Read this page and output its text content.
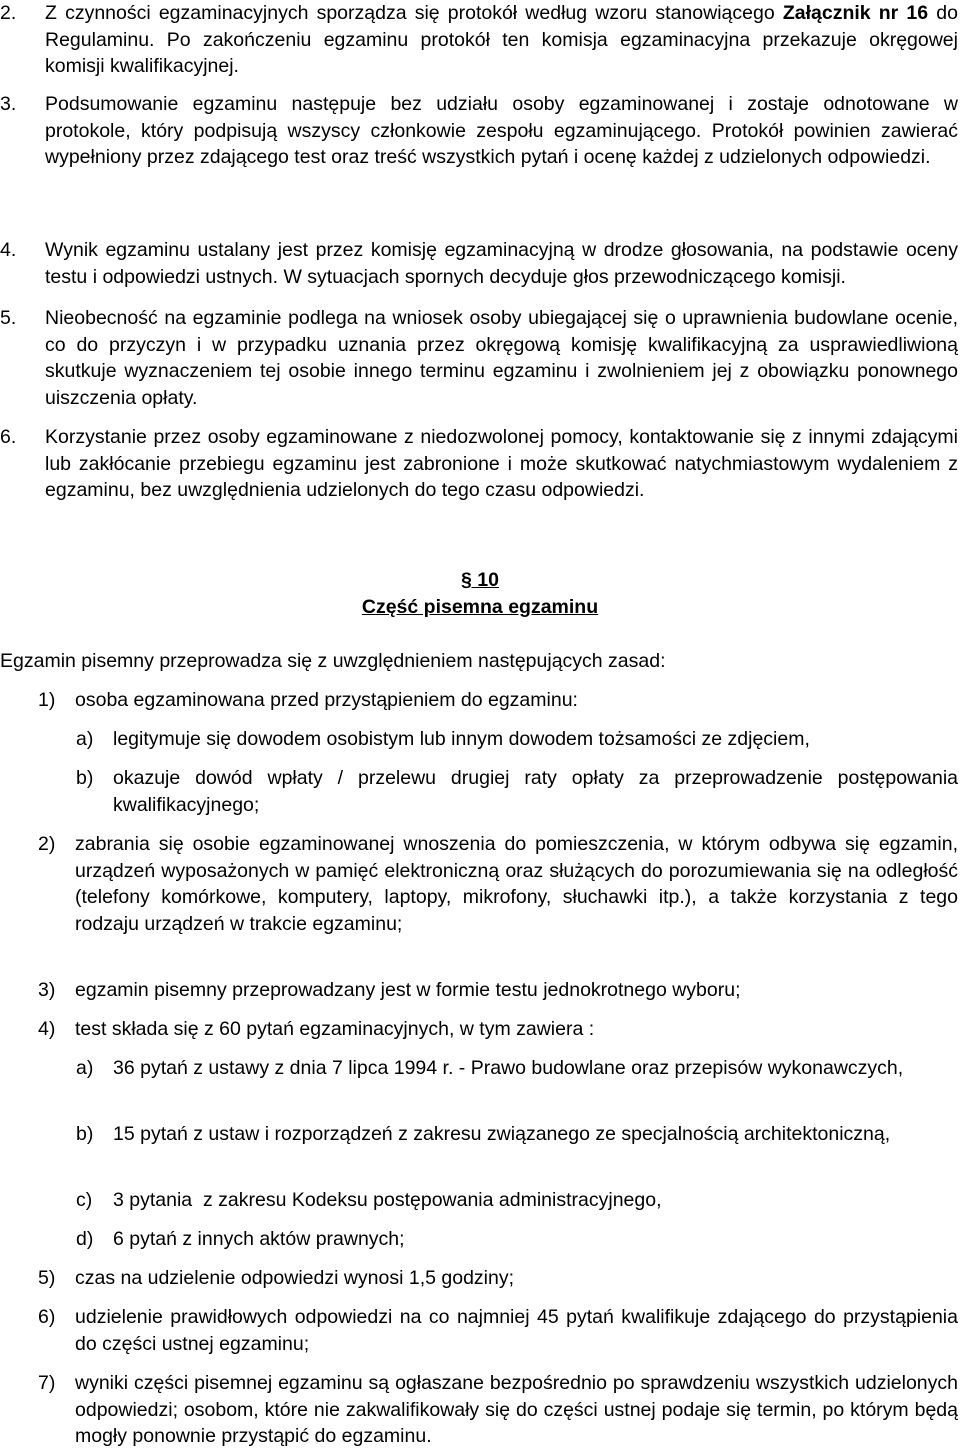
2.	Z czynności egzaminacyjnych sporządza się protokół według wzoru stanowiącego Załącznik nr 16 do Regulaminu. Po zakończeniu egzaminu protokół ten komisja egzaminacyjna przekazuje okręgowej komisji kwalifikacyjnej.
3.	Podsumowanie egzaminu następuje bez udziału osoby egzaminowanej i zostaje odnotowane w protokole, który podpisują wszyscy członkowie zespołu egzaminującego. Protokół powinien zawierać wypełniony przez zdającego test oraz treść wszystkich pytań i ocenę każdej z udzielonych odpowiedzi.
4.	Wynik egzaminu ustalany jest przez komisję egzaminacyjną w drodze głosowania, na podstawie oceny testu i odpowiedzi ustnych. W sytuacjach spornych decyduje głos przewodniczącego komisji.
5.	Nieobecność na egzaminie podlega na wniosek osoby ubiegającej się o uprawnienia budowlane ocenie, co do przyczyn i w przypadku uznania przez okręgową komisję kwalifikacyjną za usprawiedliwioną skutkuje wyznaczeniem tej osobie innego terminu egzaminu i zwolnieniem jej z obowiązku ponownego uiszczenia opłaty.
6.	Korzystanie przez osoby egzaminowane z niedozwolonej pomocy, kontaktowanie się z innymi zdającymi lub zakłócanie przebiegu egzaminu jest zabronione i może skutkować natychmiastowym wydaleniem z egzaminu, bez uwzględnienia udzielonych do tego czasu odpowiedzi.
§ 10
Część pisemna egzaminu
Egzamin pisemny przeprowadza się z uwzględnieniem następujących zasad:
1)	osoba egzaminowana przed przystąpieniem do egzaminu:
a)	legitymuje się dowodem osobistym lub innym dowodem tożsamości ze zdjęciem,
b)	okazuje dowód wpłaty / przelewu drugiej raty opłaty za przeprowadzenie postępowania kwalifikacyjnego;
2)	zabrania się osobie egzaminowanej wnoszenia do pomieszczenia, w którym odbywa się egzamin, urządzeń wyposażonych w pamięć elektroniczną oraz służących do porozumiewania się na odległość (telefony komórkowe, komputery, laptopy, mikrofony, słuchawki itp.), a także korzystania z tego rodzaju urządzeń w trakcie egzaminu;
3)	egzamin pisemny przeprowadzany jest w formie testu jednokrotnego wyboru;
4)	test składa się z 60 pytań egzaminacyjnych, w tym zawiera :
a)	36 pytań z ustawy z dnia 7 lipca 1994 r. - Prawo budowlane oraz przepisów wykonawczych,
b)	15 pytań z ustaw i rozporządzeń z zakresu związanego ze specjalnością architektoniczną,
c)	3 pytania  z zakresu Kodeksu postępowania administracyjnego,
d)	6 pytań z innych aktów prawnych;
5)	czas na udzielenie odpowiedzi wynosi 1,5 godziny;
6)	udzielenie prawidłowych odpowiedzi na co najmniej 45 pytań kwalifikuje zdającego do przystąpienia do części ustnej egzaminu;
7)	wyniki części pisemnej egzaminu są ogłaszane bezpośrednio po sprawdzeniu wszystkich udzielonych odpowiedzi; osobom, które nie zakwalifikowały się do części ustnej podaje się termin, po którym będą mogły ponownie przystąpić do egzaminu.
